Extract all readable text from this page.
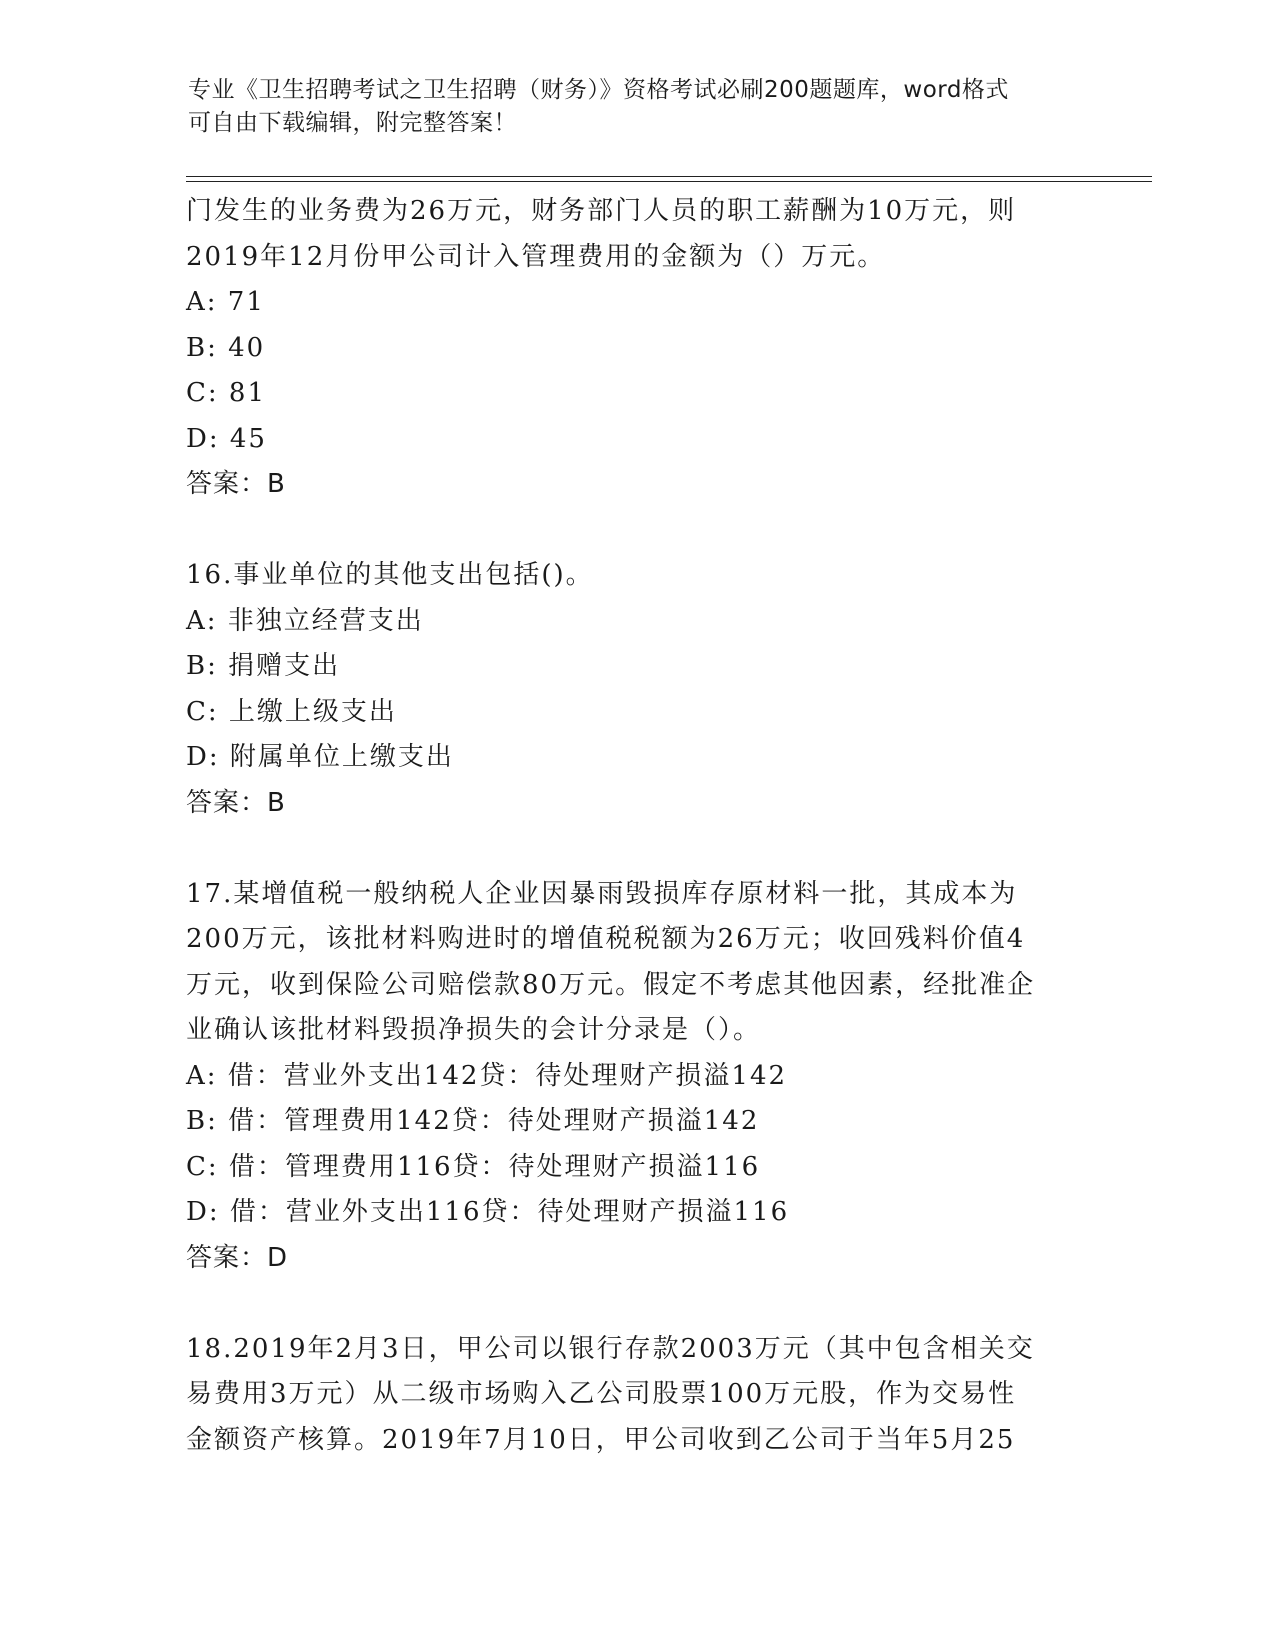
专业《卫生招聘考试之卫生招聘（财务）》资格考试必刷200题题库，word格式
可自由下载编辑，附完整答案！
门发生的业务费为26万元，财务部门人员的职工薪酬为10万元，则
2019年12月份甲公司计入管理费用的金额为（）万元。
A: 71
B: 40
C: 81
D: 45
答案：B
16.事业单位的其他支出包括()。
A: 非独立经营支出
B: 捐赠支出
C: 上缴上级支出
D: 附属单位上缴支出
答案：B
17.某增值税一般纳税人企业因暴雨毁损库存原材料一批，其成本为
200万元，该批材料购进时的增值税税额为26万元；收回残料价值4
万元，收到保险公司赔偿款80万元。假定不考虑其他因素，经批准企
业确认该批材料毁损净损失的会计分录是（）。
A: 借：营业外支出142贷：待处理财产损溢142
B: 借：管理费用142贷：待处理财产损溢142
C: 借：管理费用116贷：待处理财产损溢116
D: 借：营业外支出116贷：待处理财产损溢116
答案：D
18.2019年2月3日，甲公司以银行存款2003万元（其中包含相关交
易费用3万元）从二级市场购入乙公司股票100万元股，作为交易性
金额资产核算。2019年7月10日，甲公司收到乙公司于当年5月25
